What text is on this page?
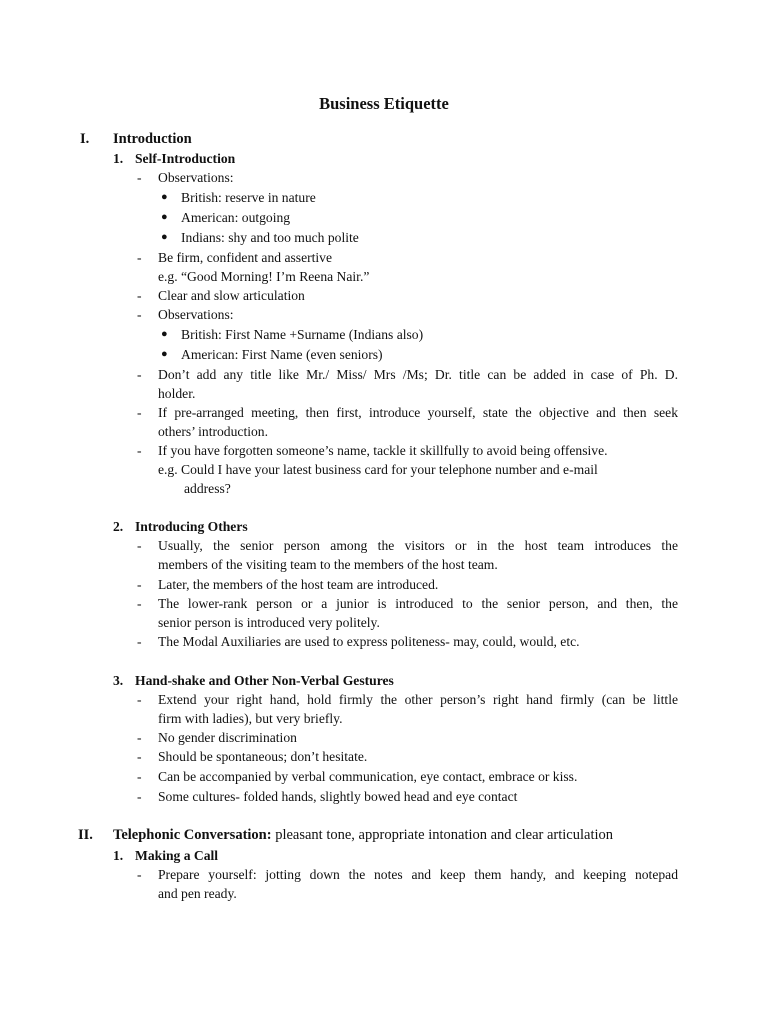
Business Etiquette
I. Introduction
1. Self-Introduction
- Observations:
● British: reserve in nature
● American: outgoing
● Indians: shy and too much polite
- Be firm, confident and assertive
e.g. “Good Morning! I’m Reena Nair.”
- Clear and slow articulation
- Observations:
● British: First Name +Surname (Indians also)
● American: First Name (even seniors)
- Don’t add any title like Mr./ Miss/ Mrs /Ms; Dr. title can be added in case of Ph. D.
holder.
- If pre-arranged meeting, then first, introduce yourself, state the objective and then seek
others’ introduction.
- If you have forgotten someone’s name, tackle it skillfully to avoid being offensive.
e.g. Could I have your latest business card for your telephone number and e-mail
address?
2. Introducing Others
- Usually, the senior person among the visitors or in the host team introduces the
members of the visiting team to the members of the host team.
- Later, the members of the host team are introduced.
- The lower-rank person or a junior is introduced to the senior person, and then, the
senior person is introduced very politely.
- The Modal Auxiliaries are used to express politeness- may, could, would, etc.
3. Hand-shake and Other Non-Verbal Gestures
- Extend your right hand, hold firmly the other person’s right hand firmly (can be little
firm with ladies), but very briefly.
- No gender discrimination
- Should be spontaneous; don’t hesitate.
- Can be accompanied by verbal communication, eye contact, embrace or kiss.
- Some cultures- folded hands, slightly bowed head and eye contact
II. Telephonic Conversation: pleasant tone, appropriate intonation and clear articulation
1. Making a Call
- Prepare yourself: jotting down the notes and keep them handy, and keeping notepad
and pen ready.
